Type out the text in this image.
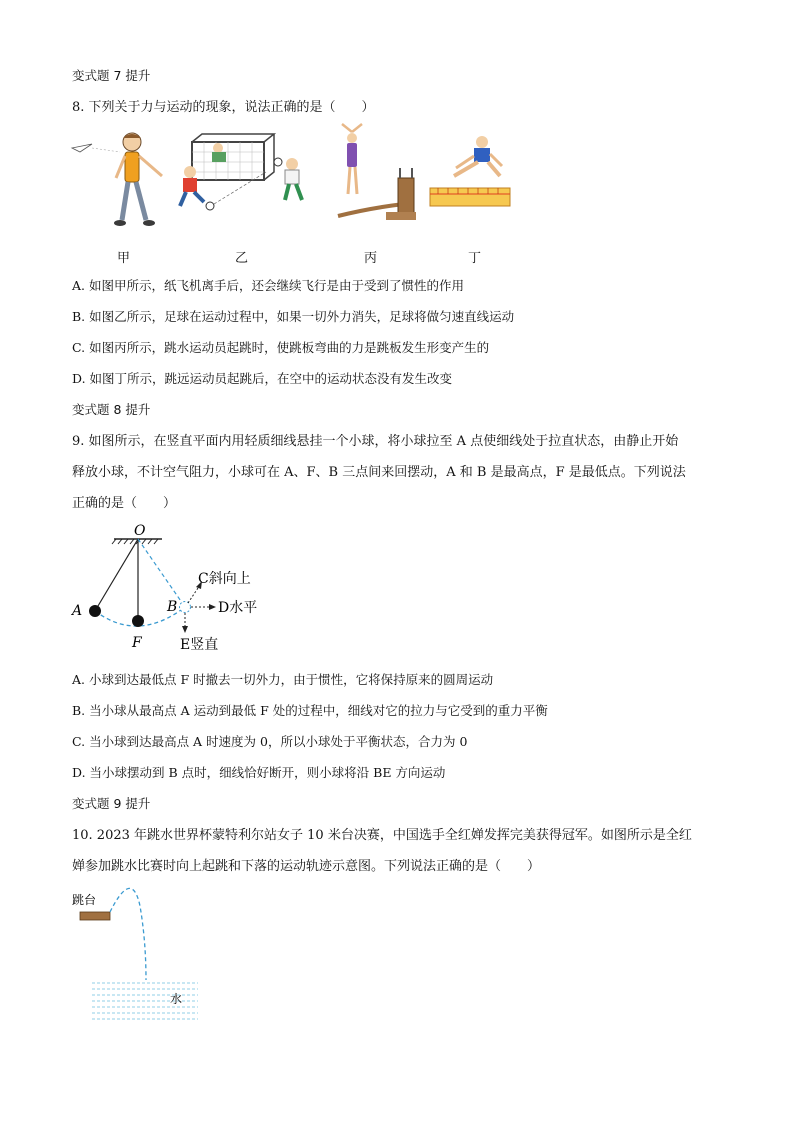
变式题 7 提升
8. 下列关于力与运动的现象，说法正确的是（　　）
甲	乙	丙	丁
A. 如图甲所示，纸飞机离手后，还会继续飞行是由于受到了惯性的作用
B. 如图乙所示，足球在运动过程中，如果一切外力消失，足球将做匀速直线运动
C. 如图丙所示，跳水运动员起跳时，使跳板弯曲的力是跳板发生形变产生的
D. 如图丁所示，跳远运动员起跳后，在空中的运动状态没有发生改变
变式题 8 提升
9. 如图所示，在竖直平面内用轻质细线悬挂一个小球，将小球拉至 A 点使细线处于拉直状态，由静止开始
释放小球，不计空气阻力，小球可在 A、F、B 三点间来回摆动，A 和 B 是最高点，F 是最低点。下列说法
正确的是（　　）
O
A
F
B
C斜向上
D水平
E竖直
A. 小球到达最低点 F 时撤去一切外力，由于惯性，它将保持原来的圆周运动
B. 当小球从最高点 A 运动到最低 F 处的过程中，细线对它的拉力与它受到的重力平衡
C. 当小球到达最高点 A 时速度为 0，所以小球处于平衡状态，合力为 0
D. 当小球摆动到 B 点时，细线恰好断开，则小球将沿 BE 方向运动
变式题 9 提升
10. 2023 年跳水世界杯蒙特利尔站女子 10 米台决赛，中国选手全红婵发挥完美获得冠军。如图所示是全红
婵参加跳水比赛时向上起跳和下落的运动轨迹示意图。下列说法正确的是（　　）
跳台
水
